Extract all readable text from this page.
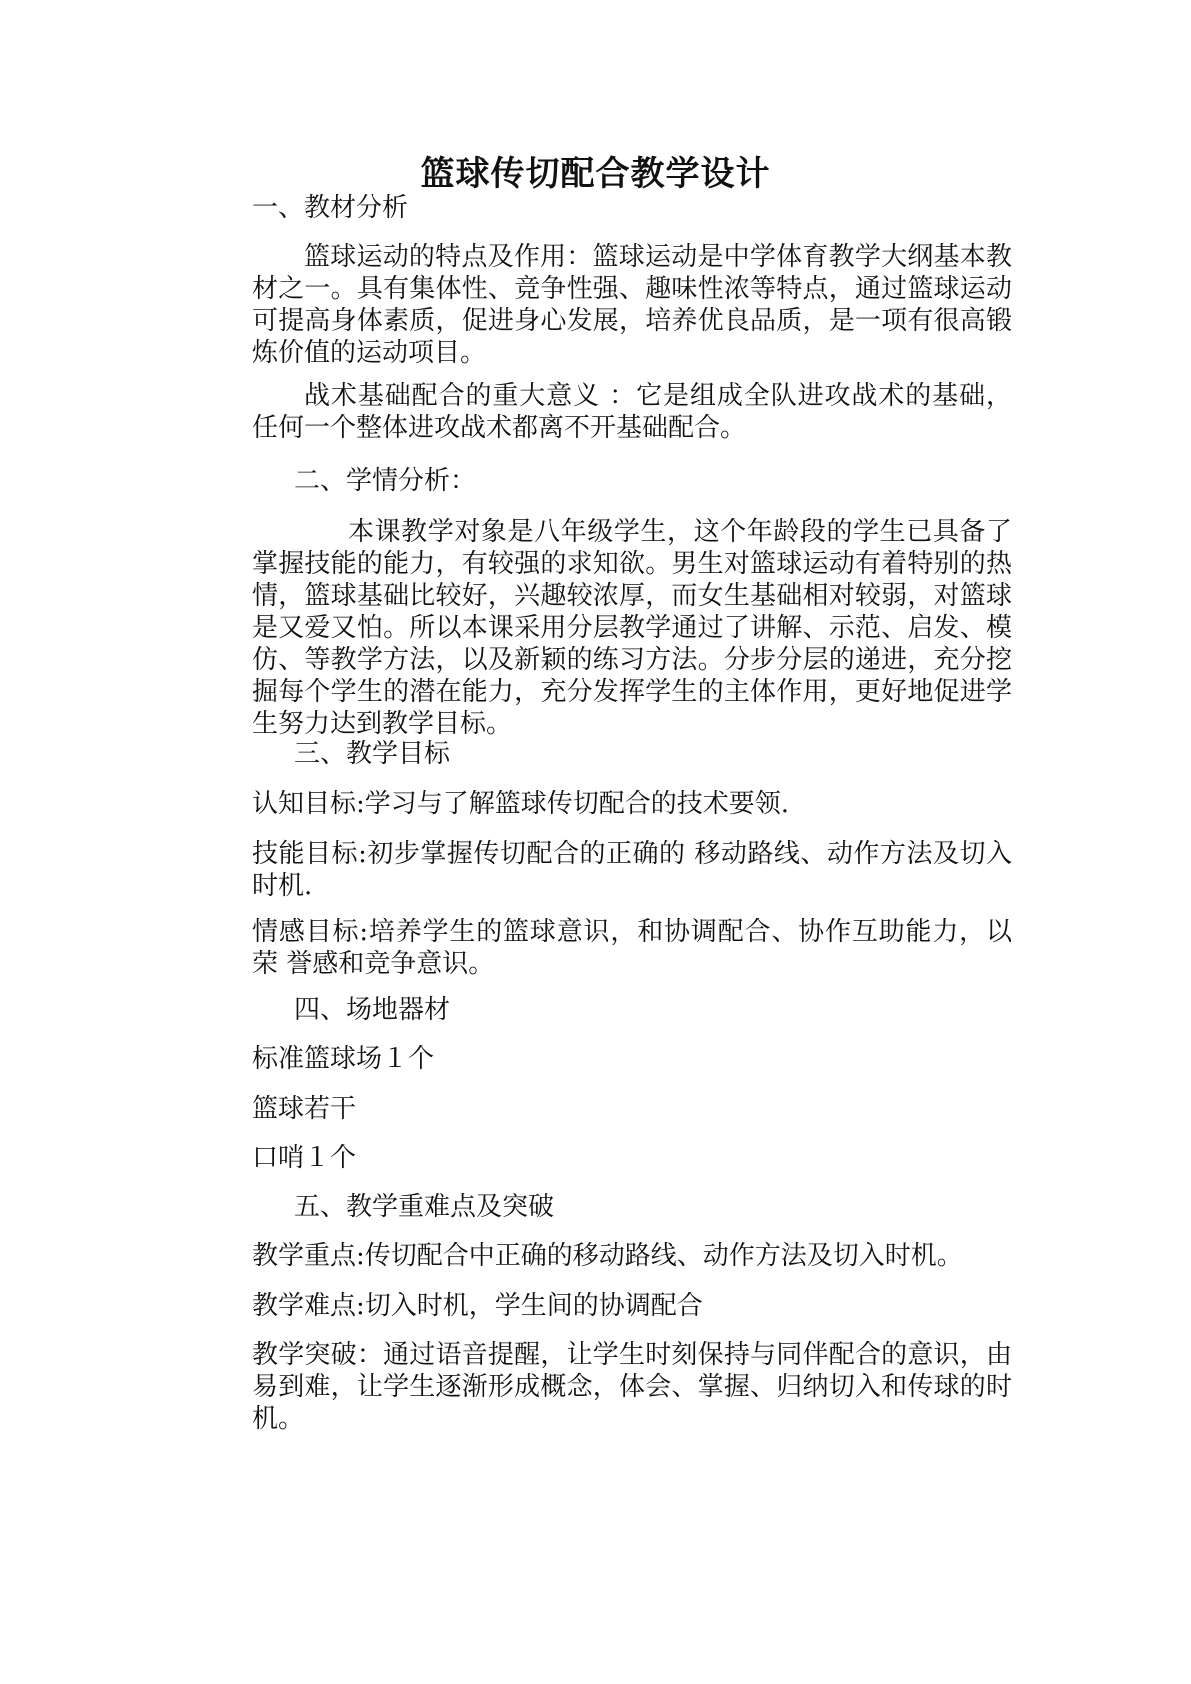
篮球传切配合教学设计

一、教材分析

篮球运动的特点及作用：篮球运动是中学体育教学大纲基本教材之一。具有集体性、竞争性强、趣味性浓等特点，通过篮球运动可提高身体素质，促进身心发展，培养优良品质，是一项有很高锻炼价值的运动项目。

战术基础配合的重大意义 ：它是组成全队进攻战术的基础，任何一个整体进攻战术都离不开基础配合。

二、学情分析：

本课教学对象是八年级学生，这个年龄段的学生已具备了掌握技能的能力，有较强的求知欲。男生对篮球运动有着特别的热情，篮球基础比较好，兴趣较浓厚，而女生基础相对较弱，对篮球是又爱又怕。所以本课采用分层教学通过了讲解、示范、启发、模仿、等教学方法，以及新颖的练习方法。分步分层的递进，充分挖掘每个学生的潜在能力，充分发挥学生的主体作用，更好地促进学生努力达到教学目标。

三、教学目标

认知目标:学习与了解篮球传切配合的技术要领.

技能目标:初步掌握传切配合的正确的 移动路线、动作方法及切入时机.

情感目标:培养学生的篮球意识，和协调配合、协作互助能力，以荣 誉感和竞争意识。

四、场地器材

标准篮球场１个

篮球若干

口哨１个

五、教学重难点及突破

教学重点:传切配合中正确的移动路线、动作方法及切入时机。

教学难点:切入时机，学生间的协调配合

教学突破：通过语音提醒，让学生时刻保持与同伴配合的意识，由易到难，让学生逐渐形成概念，体会、掌握、归纳切入和传球的时机。
